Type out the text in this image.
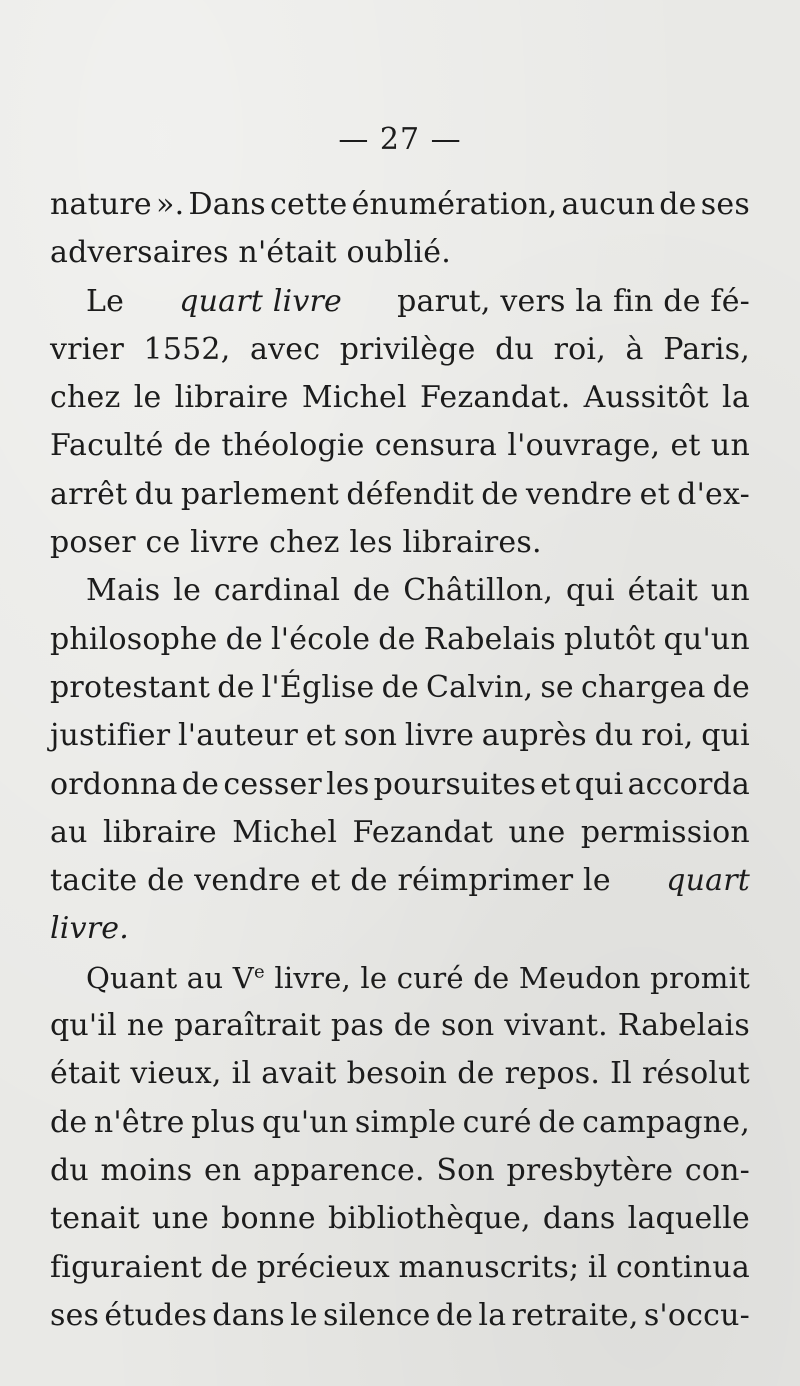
— 27 —
nature ». Dans cette énumération, aucun de ses
adversaires n'était oublié.
Le quart livre parut, vers la fin de fé-
vrier 1552, avec privilège du roi, à Paris,
chez le libraire Michel Fezandat. Aussitôt la
Faculté de théologie censura l'ouvrage, et un
arrêt du parlement défendit de vendre et d'ex-
poser ce livre chez les libraires.
Mais le cardinal de Châtillon, qui était un
philosophe de l'école de Rabelais plutôt qu'un
protestant de l'Église de Calvin, se chargea de
justifier l'auteur et son livre auprès du roi, qui
ordonna de cesser les poursuites et qui accorda
au libraire Michel Fezandat une permission
tacite de vendre et de réimprimer le quart
livre.
Quant au Ve livre, le curé de Meudon promit
qu'il ne paraîtrait pas de son vivant. Rabelais
était vieux, il avait besoin de repos. Il résolut
de n'être plus qu'un simple curé de campagne,
du moins en apparence. Son presbytère con-
tenait une bonne bibliothèque, dans laquelle
figuraient de précieux manuscrits; il continua
ses études dans le silence de la retraite, s'occu-
